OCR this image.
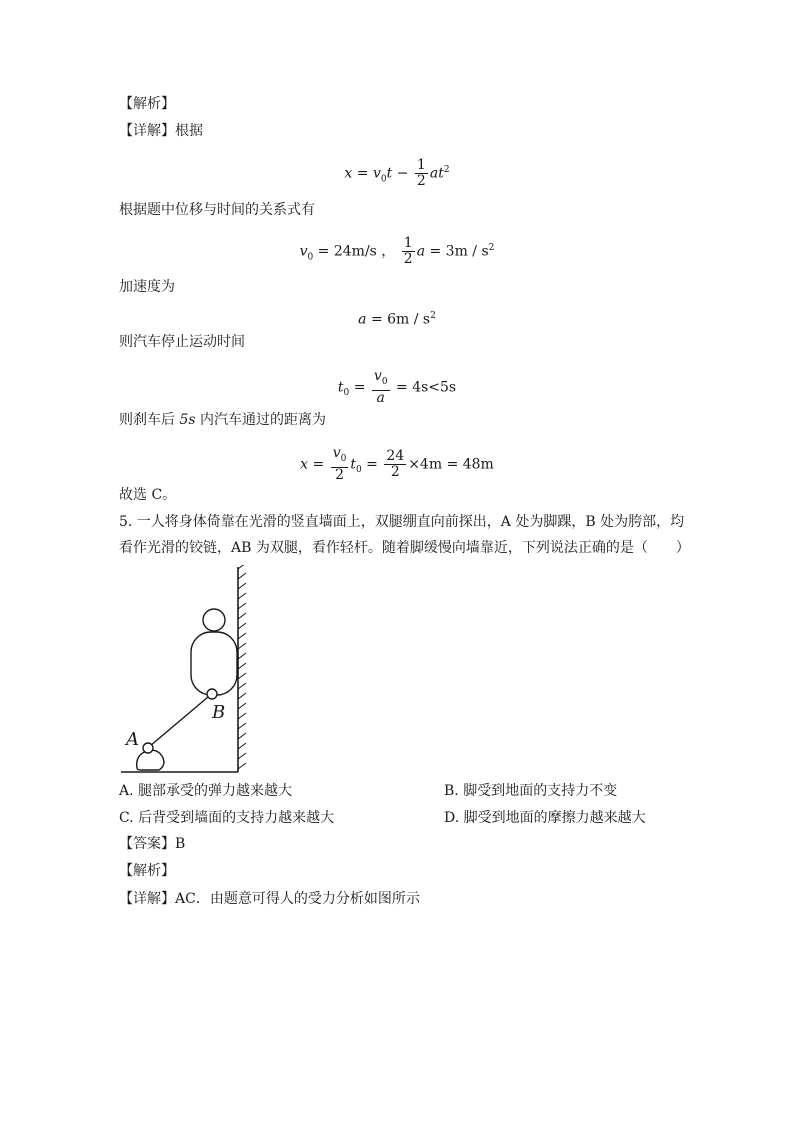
【解析】
【详解】根据
$x = v_0t - \frac{1}{2} at^2$
根据题中位移与时间的关系式有
$v_0 = 24m/s$ ， $\frac{1}{2}$ $a = 3m / s^2$
加速度为
$a = 6m / s^2$
则汽车停止运动时间
$t_0 = \frac{v_0}{a} = 4s<5s$
则刹车后 5s 内汽车通过的距离为
$x = \frac{v_0}{2} t_0 = \frac{24}{2} \times 4m = 48m$
故选 C。
5. 一人将身体倚靠在光滑的竖直墙面上，双腿绷直向前探出，A 处为脚踝，B 处为胯部，均
看作光滑的铰链，AB 为双腿，看作轻杆。随着脚缓慢向墙靠近，下列说法正确的是（　　）
A
B
A. 腿部承受的弹力越来越大	B. 脚受到地面的支持力不变
C. 后背受到墙面的支持力越来越大	D. 脚受到地面的摩擦力越来越大
【答案】B
【解析】
【详解】AC．由题意可得人的受力分析如图所示
